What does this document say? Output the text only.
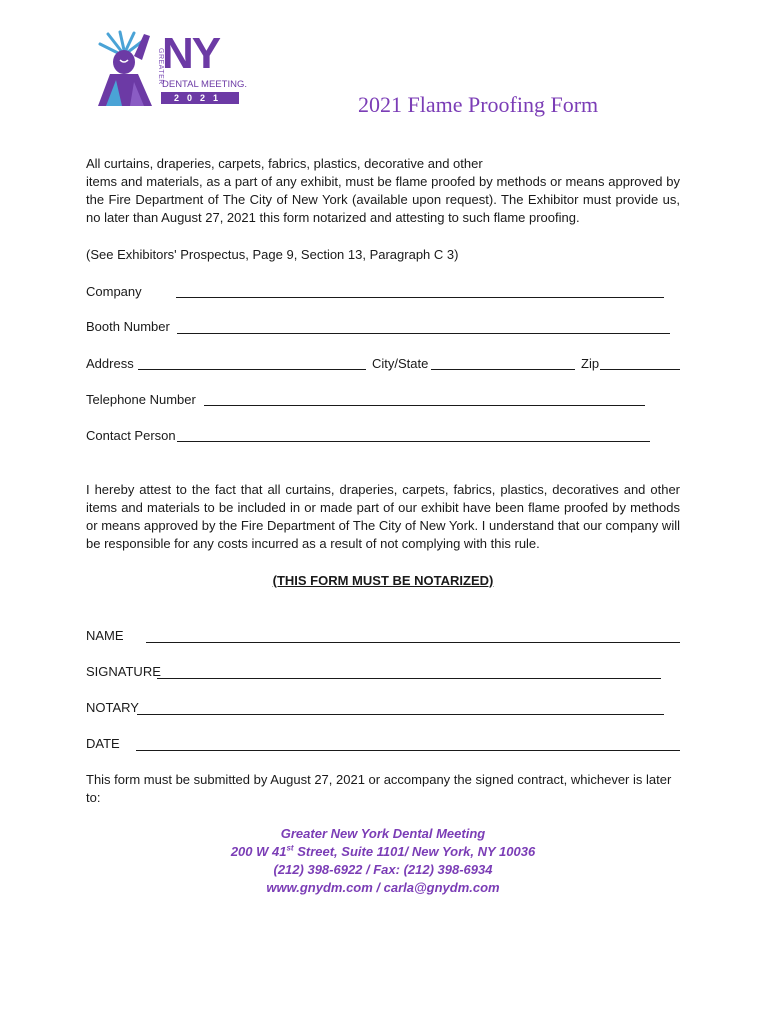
GREATER
NY
DENTAL MEETING.
2021	2021 Flame Proofing Form
All curtains, draperies, carpets, fabrics, plastics, decorative and other
items and materials, as a part of any exhibit, must be flame proofed by methods or means approved by the Fire Department of The City of New York (available upon request). The Exhibitor must provide us, no later than August 27, 2021 this form notarized and attesting to such flame proofing.
(See Exhibitors' Prospectus, Page 9, Section 13, Paragraph C 3)
Company
Booth Number
Address	City/State	Zip
Telephone Number
Contact Person
I hereby attest to the fact that all curtains, draperies, carpets, fabrics, plastics, decoratives and other items and materials to be included in or made part of our exhibit have been flame proofed by methods or means approved by the Fire Department of The City of New York. I understand that our company will be responsible for any costs incurred as a result of not complying with this rule.
(THIS FORM MUST BE NOTARIZED)
NAME
SIGNATURE
NOTARY
DATE
This form must be submitted by August 27, 2021 or accompany the signed contract, whichever is later to:
Greater New York Dental Meeting
200 W 41st Street, Suite 1101/ New York, NY 10036
(212) 398-6922 / Fax: (212) 398-6934
www.gnydm.com / carla@gnydm.com
